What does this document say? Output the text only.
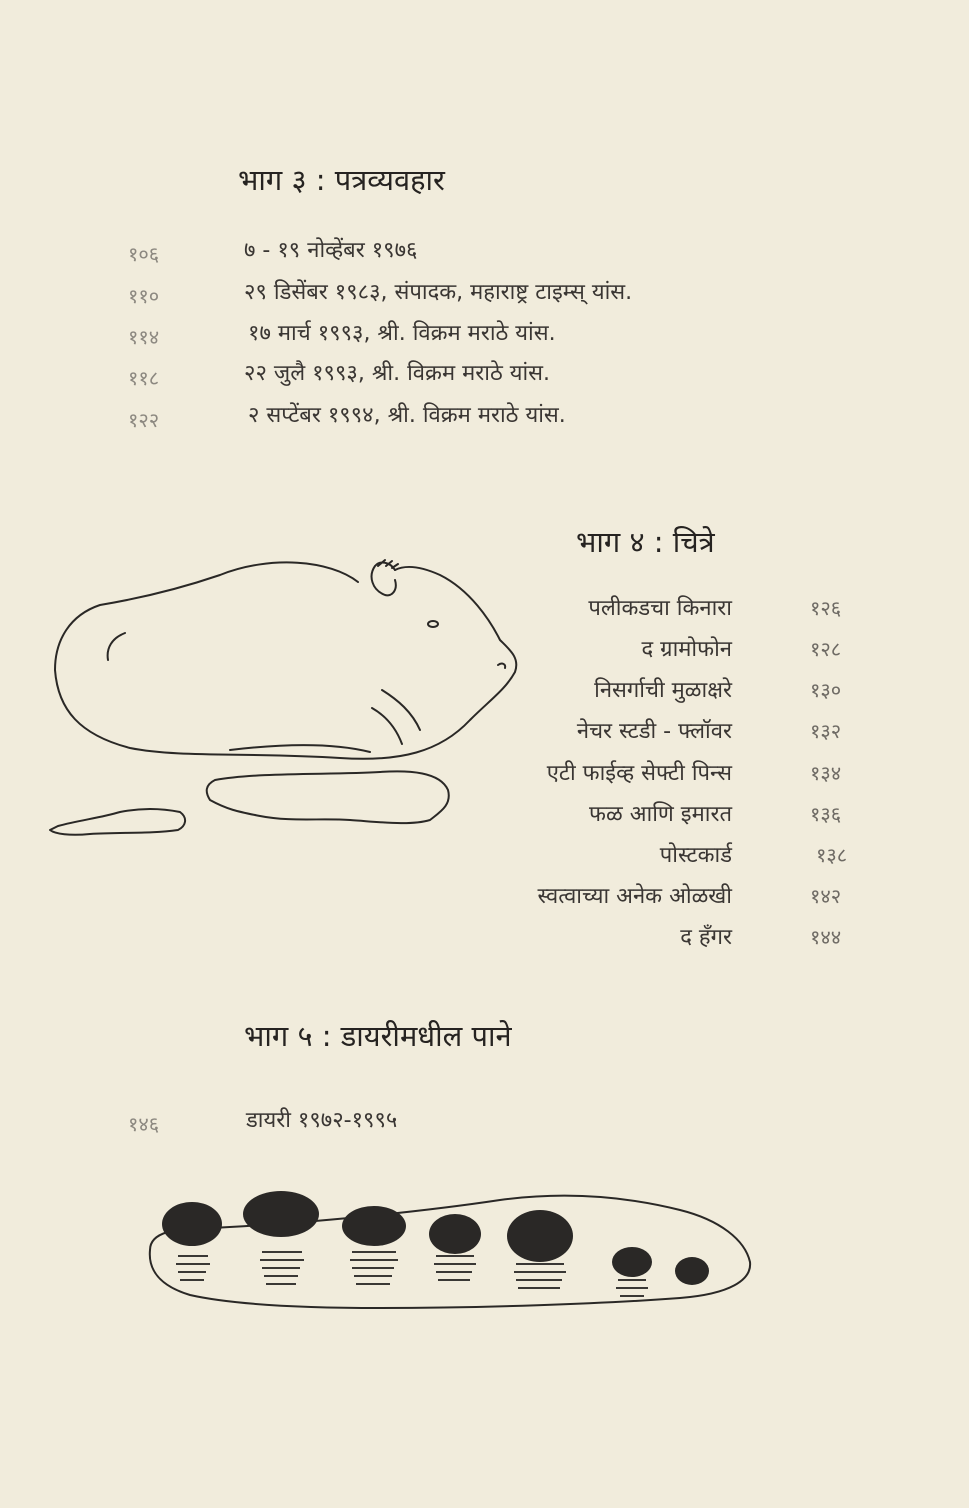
भाग ३ : पत्रव्यवहार
१०६	७ - १९ नोव्हेंबर १९७६
११०	२९ डिसेंबर १९८३, संपादक, महाराष्ट्र टाइम्स् यांस.
११४	१७ मार्च १९९३, श्री. विक्रम मराठे यांस.
११८	२२ जुलै १९९३, श्री. विक्रम मराठे यांस.
१२२	२ सप्टेंबर १९९४, श्री. विक्रम मराठे यांस.
भाग ४ : चित्रे
पलीकडचा किनारा	१२६
द ग्रामोफोन	१२८
निसर्गाची मुळाक्षरे	१३०
नेचर स्टडी - फ्लॉवर	१३२
एटी फाईव्ह सेफ्टी पिन्स	१३४
फळ आणि इमारत	१३६
पोस्टकार्ड	१३८
स्वत्वाच्या अनेक ओळखी	१४२
द हँगर	१४४
भाग ५ : डायरीमधील पाने
१४६	डायरी १९७२-१९९५
